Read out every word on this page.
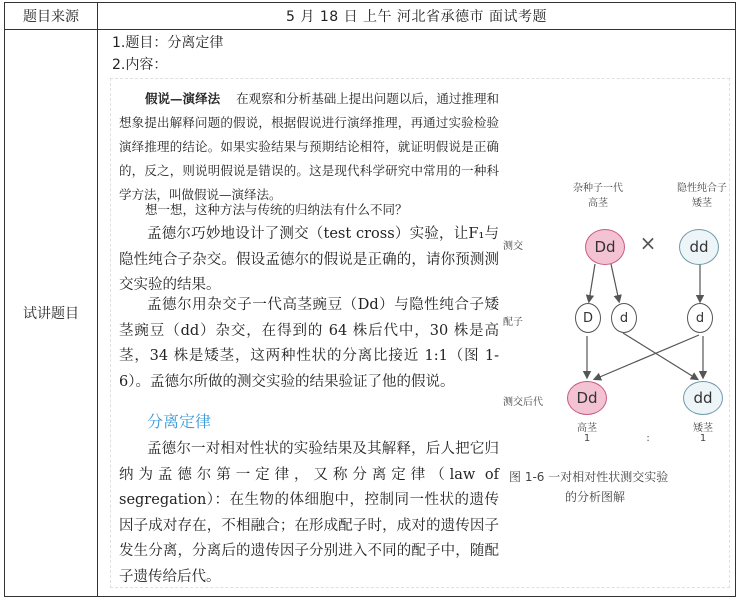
题目来源	5 月 18 日 上午 河北省承德市 面试考题
试讲题目
1.题目：分离定律
2.内容：
假说—演绎法 在观察和分析基础上提出问题以后，通过推理和想象提出解释问题的假说，根据假说进行演绎推理，再通过实验检验演绎推理的结论。如果实验结果与预期结论相符，就证明假说是正确的，反之，则说明假说是错误的。这是现代科学研究中常用的一种科学方法，叫做假说—演绎法。
想一想，这种方法与传统的归纳法有什么不同？
孟德尔巧妙地设计了测交（test cross）实验，让F₁与隐性纯合子杂交。假设孟德尔的假说是正确的，请你预测测交实验的结果。
孟德尔用杂交子一代高茎豌豆（Dd）与隐性纯合子矮茎豌豆（dd）杂交，在得到的 64 株后代中，30 株是高茎，34 株是矮茎，这两种性状的分离比接近 1:1（图 1-6）。孟德尔所做的测交实验的结果验证了他的假说。
分离定律
孟德尔一对相对性状的实验结果及其解释，后人把它归纳为孟德尔第一定律，又称分离定律（law of segregation）：在生物的体细胞中，控制同一性状的遗传因子成对存在，不相融合；在形成配子时，成对的遗传因子发生分离，分离后的遗传因子分别进入不同的配子中，随配子遗传给后代。
杂种子一代
高茎
隐性纯合子
矮茎
测交
配子
测交后代
Dd	×	dd
D d	d
Dd	dd
高茎	矮茎
1	:	1
图 1-6 一对相对性状测交实验
的分析图解
